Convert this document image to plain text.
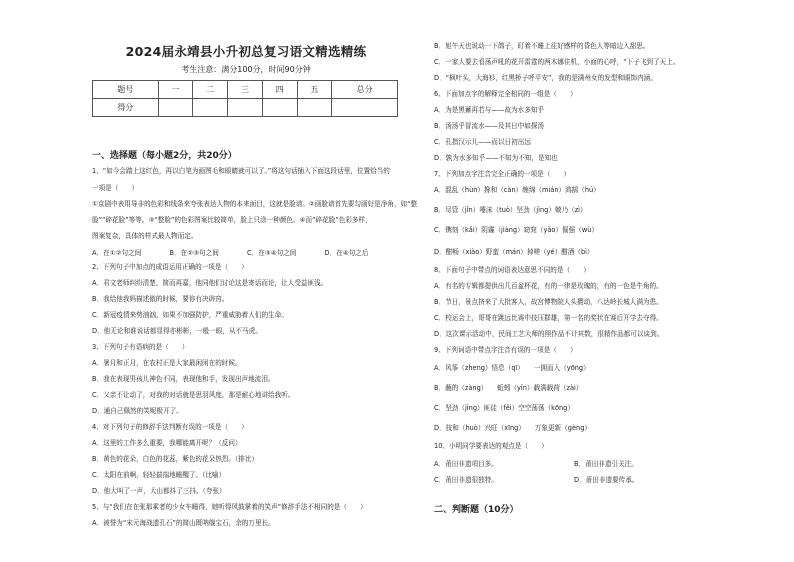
2024届永靖县小升初总复习语文精选精练
考生注意：满分100分，时间90分钟
题号	一	二	三	四	五	总分
得分						
一、选择题（每小题2分，共20分）
1、“如今会踏上这红色，再以白笔为画图毛和眼睛就可以了。”将这句话插入下面这段话里，位置恰当的
一项是（　　）
①京剧中表用导非的色彩和线条来夸张表达人物的本来面目，这就是脸谱。②画脸谱首先要勾画好是净角，如“整
脸”“碎花脸”等等。③“整脸”的色彩图案比较简单，脸上只涂一种颜色。④而“碎花脸”色彩多样，
图案复杂，具体的样式最人物而定。
A．在①②句之间	B．在②③句之间	C．在③④句之间	D．在④句之后
2、下列句子中加点的成语运用正确的一项是（　　）
A．君文老师纠纷清楚，简而再嘉，他同他们讨论这是寄话而论，让人受益匪浅。
B．我给他我妈描述傲的时候，要你有决辟窍。
C．新冠疫情来势汹汹，如果不加强防护，严重威胁着人们的生命。
D．他无论和谁说话都显得亦彬彬，一般一眼，从不马虎。
3、下列句子有语病的是（　　）
A．暑月和正月，在农村正是大家最闲闲在的时候。
B．我在表现男孩儿神色不同，表现他和手，发现出声地流泪。
C．父亲不让动了，对我的对话就是思羽风度，那是耐心地讲给我听。
D．通自己佩然的笑呢极开了。
4、对下列句子的修辞手法判断有误的一项是（　　）
A．这里的工作多么重要，我哪能离开呢？（反问）
B．黄色的花朵，白色的花蕊，紫色的花朵热烈。（排比）
C．太阳在前啊，轻轻揣揣地睡醒了。（比喻）
D．他大叫了一声，大山都抖了三抖。（夸张）
5、与“我们在在张那乘者的少女车睡得，她听得风鼓掌着的笑声”修辞手法不相同的是（　　）
A．被誉为“宋元海战遗孔石”的简山既呐舰宝石，余的万里长。
B．旭午天也说动一下鸽子，盯着不睡上往好感样的昏色人等暗边入甜思。
C．一家人要去看荡声吼的花开雷霆的两木娜住机，小面的心呼，“下子飞到了天上。
D．“枫叶头，大海衫，红黑桥子呼平安”，我的是满州女的发型和眼饰内涵。
6、下面加点字的解释完全相同的一组是（　　）
A．为是黑蓄再若与——故为水多知乎
B．汤汤乎冒流水——及其日中如探汤
C．孔指汉示儿——而以日初出远
D．孰为水多知乎——不知为不知，是知也
7、下列加点字注音完全正确的一项是（　　）
A．混乱（hùn）搀和（càn）缠绵（mián）鸿鹄（hú）
B．尽管（jǐn）唾沫（tuò）坚劲（jìng）兢乃（zì）
C．镌刻（kǎi）阴霾（jiàng）窈窕（yǎo）倔强（wù）
D．酣畅（xiào）野蛮（mán）掉嗟（yé）酣酒（bì）
8、下面句子中带点的词语表达意思不同的是（　　）
A．有名的专辑都提供出几百盆杯花，有的一律是玫瑰的，有的一色是牛角的。
B．节日，景点挤来了大批客人，故宫博物院人头攒动，八达岭长城人满为患。
C．校运会上，哥哥在跳远比赛中技压群雄，第一名的奖状在赛后开学去夺得。
D．这次课示活动中，民间工艺大师的照作品不计其数，很精作品都可以谈到。
9、下列词语中带点字注音有误的一项是（　　）
A．风筝（zheng）悟息（qī）　　一拥而入（yōng）
B．蘸的（zàng）　　蚯蚓（yǐn）载满载荷（zài）
C．坚劲（jìng）匪徒（fěi）空空荡荡（kōng）
D．技和（huò）兴旺（xīng）　　万象更新（gèng）
10、小明同学要表达的观点是（　　）
A．莆田非遗項目多。	B．莆田非遗引关注。
C．莆田非遗很独特。	D．莆田非遗要传承。
二、判断题（10分）
